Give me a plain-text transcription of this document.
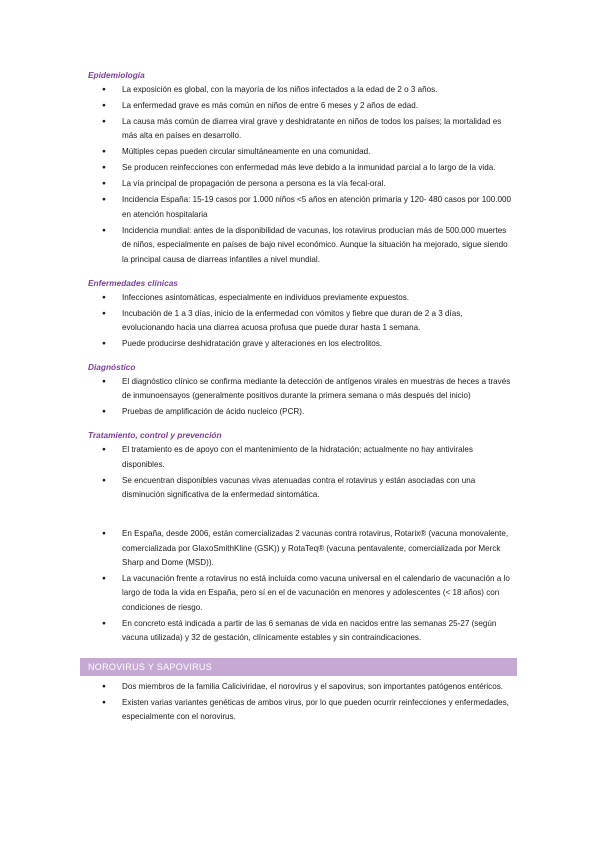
Epidemiología

● La exposición es global, con la mayoría de los niños infectados a la edad de 2 o 3 años.
● La enfermedad grave es más común en niños de entre 6 meses y 2 años de edad.
● La causa más común de diarrea viral grave y deshidratante en niños de todos los países; la mortalidad es más alta en países en desarrollo.
● Múltiples cepas pueden circular simultáneamente en una comunidad.
● Se producen reinfecciones con enfermedad más leve debido a la inmunidad parcial a lo largo de la vida.
● La vía principal de propagación de persona a persona es la vía fecal-oral.
● Incidencia España: 15-19 casos por 1.000 niños <5 años en atención primaria y 120- 480 casos por 100.000 en atención hospitalaria
● Incidencia mundial: antes de la disponibilidad de vacunas, los rotavirus producían más de 500.000 muertes de niños, especialmente en países de bajo nivel económico. Aunque la situación ha mejorado, sigue siendo la principal causa de diarreas infantiles a nivel mundial.

Enfermedades clínicas

● Infecciones asintomáticas, especialmente en individuos previamente expuestos.
● Incubación de 1 a 3 días, inicio de la enfermedad con vómitos y fiebre que duran de 2 a 3 días, evolucionando hacia una diarrea acuosa profusa que puede durar hasta 1 semana.
● Puede producirse deshidratación grave y alteraciones en los electrolitos.

Diagnóstico

● El diagnóstico clínico se confirma mediante la detección de antígenos virales en muestras de heces a través de inmunoensayos (generalmente positivos durante la primera semana o más después del inicio)
● Pruebas de amplificación de ácido nucleico (PCR).

Tratamiento, control y prevención

● El tratamiento es de apoyo con el mantenimiento de la hidratación; actualmente no hay antivirales disponibles.
● Se encuentran disponibles vacunas vivas atenuadas contra el rotavirus y están asociadas con una disminución significativa de la enfermedad sintomática.
● En España, desde 2006, están comercializadas 2 vacunas contra rotavirus, Rotarix® (vacuna monovalente, comercializada por GlaxoSmithKline (GSK)) y RotaTeq® (vacuna pentavalente, comercializada por Merck Sharp and Dome (MSD)).
● La vacunación frente a rotavirus no está incluida como vacuna universal en el calendario de vacunación a lo largo de toda la vida en España, pero sí en el de vacunación en menores y adolescentes (< 18 años) con condiciones de riesgo.
● En concreto está indicada a partir de las 6 semanas de vida en nacidos entre las semanas 25-27 (según vacuna utilizada) y 32 de gestación, clínicamente estables y sin contraindicaciones.
NOROVIRUS Y SAPOVIRUS
● Dos miembros de la familia Caliciviridae, el norovirus y el sapovirus, son importantes patógenos entéricos.
● Existen varias variantes genéticas de ambos virus, por lo que pueden ocurrir reinfecciones y enfermedades, especialmente con el norovirus.
